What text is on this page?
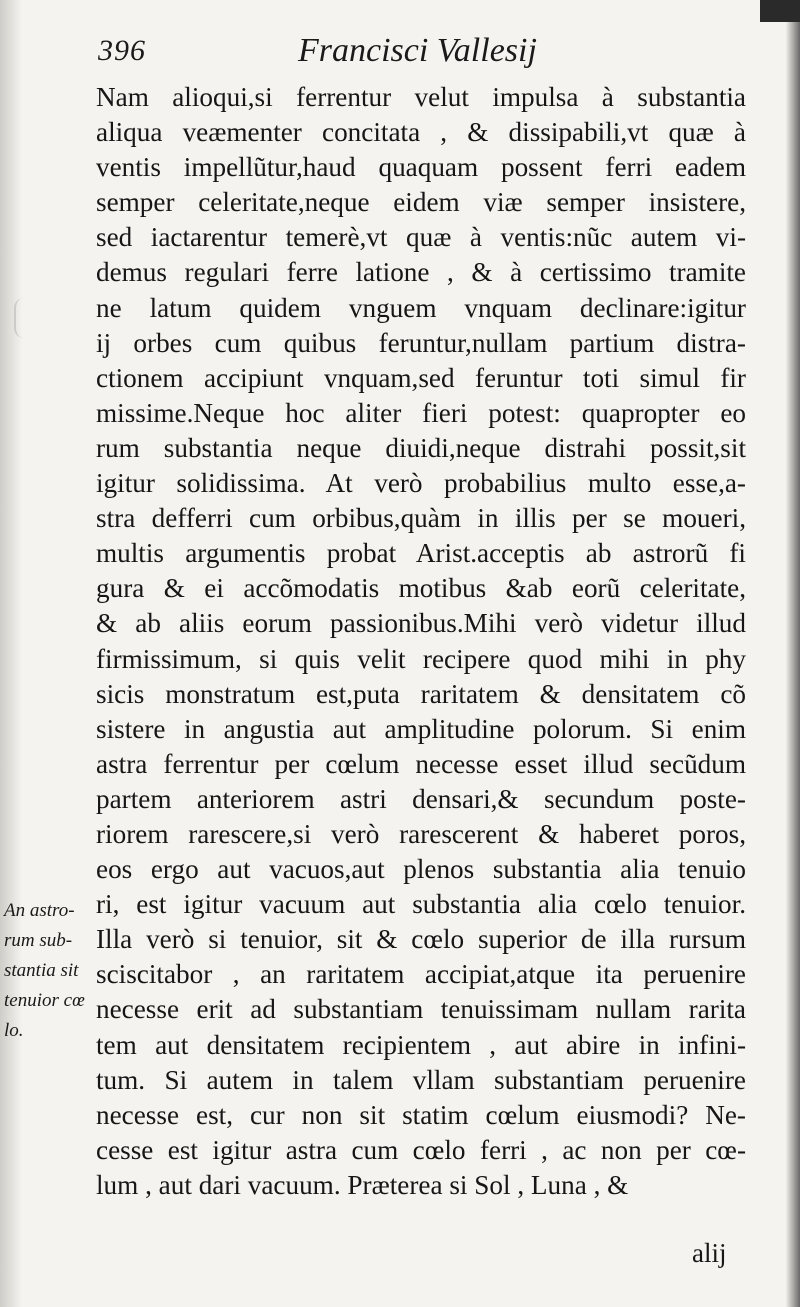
396	Francisci Vallesij
Nam alioqui,si ferrentur velut impulsa à substantia
aliqua veæmenter concitata , & dissipabili,vt quæ à
ventis impellũtur,haud quaquam possent ferri eadem
semper celeritate,neque eidem viæ semper insistere,
sed iactarentur temerè,vt quæ à ventis:nũc autem vi-
demus regulari ferre latione , & à certissimo tramite
ne latum quidem vnguem vnquam declinare:igitur
ij orbes cum quibus feruntur,nullam partium distra-
ctionem accipiunt vnquam,sed feruntur toti simul fir
missime.Neque hoc aliter fieri potest: quapropter eo
rum substantia neque diuidi,neque distrahi possit,sit
igitur solidissima. At verò probabilius multo esse,a-
stra defferri cum orbibus,quàm in illis per se moueri,
multis argumentis probat Arist.acceptis ab astrorũ fi
gura & ei accõmodatis motibus &ab eorũ celeritate,
& ab aliis eorum passionibus.Mihi verò videtur illud
firmissimum, si quis velit recipere quod mihi in phy
sicis monstratum est,puta raritatem & densitatem cõ
sistere in angustia aut amplitudine polorum. Si enim
astra ferrentur per cœlum necesse esset illud secũdum
partem anteriorem astri densari,& secundum poste-
riorem rarescere,si verò rarescerent & haberet poros,
eos ergo aut vacuos,aut plenos substantia alia tenuio
ri, est igitur vacuum aut substantia alia cœlo tenuior.
Illa verò si tenuior, sit & cœlo superior de illa rursum
sciscitabor , an raritatem accipiat,atque ita peruenire
necesse erit ad substantiam tenuissimam nullam rarita
tem aut densitatem recipientem , aut abire in infini-
tum. Si autem in talem vllam substantiam peruenire
necesse est, cur non sit statim cœlum eiusmodi? Ne-
cesse est igitur astra cum cœlo ferri , ac non per cœ-
lum , aut dari vacuum. Præterea si Sol , Luna , &
alij
An astro-
rum sub-
stantia sit
tenuior cœ
lo.
